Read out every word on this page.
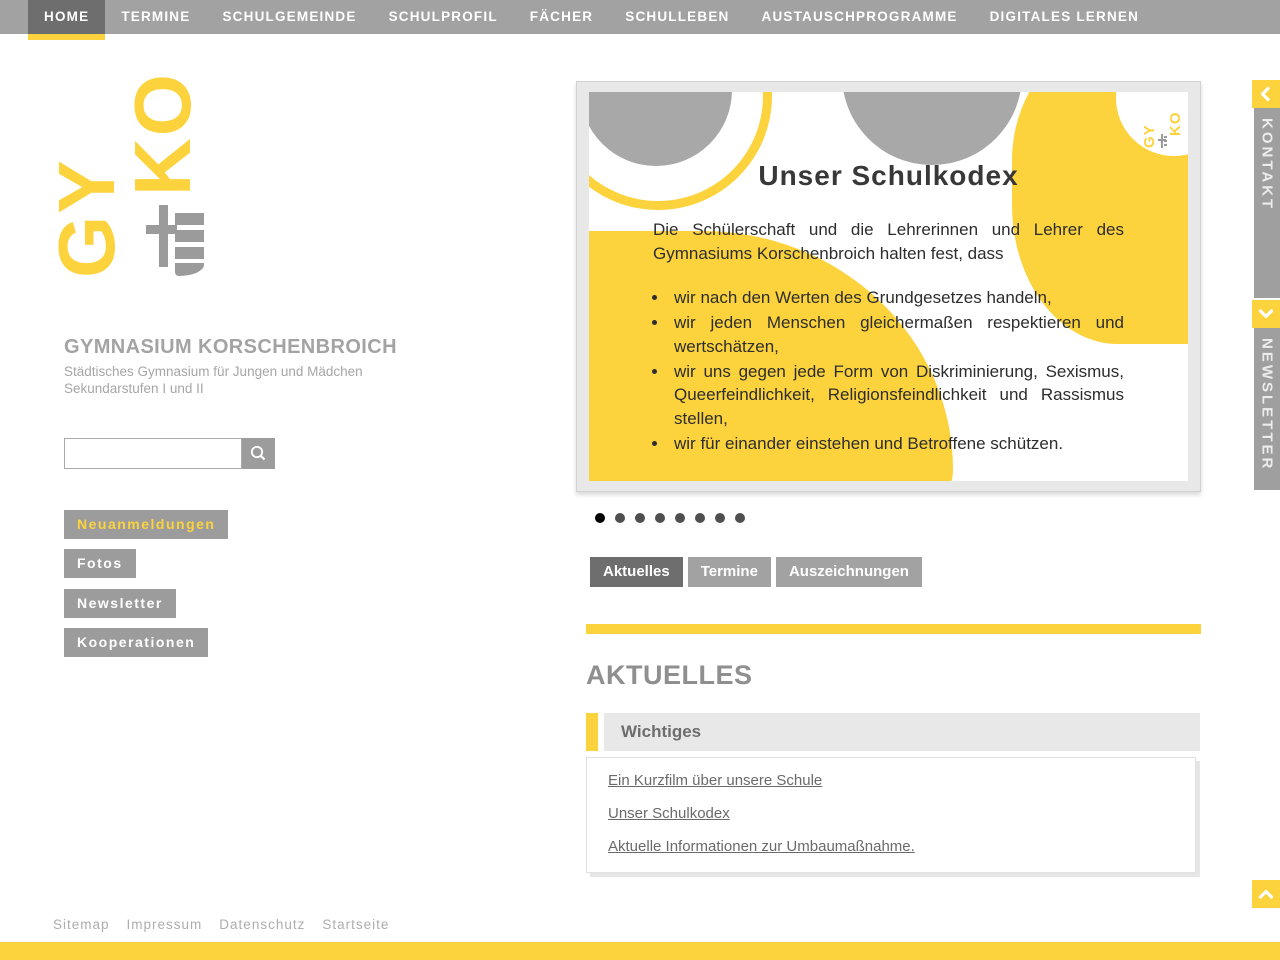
HOME	TERMINE	SCHULGEMEINDE	SCHULPROFIL	FÄCHER	SCHULLEBEN	AUSTAUSCHPROGRAMME	DIGITALES LERNEN
GY
KO
GYMNASIUM KORSCHENBROICH
Städtisches Gymnasium für Jungen und Mädchen
Sekundarstufen I und II
Neuanmeldungen
Fotos
Newsletter
Kooperationen
GY
KO
Unser Schulkodex

Die Schülerschaft und die Lehrerinnen und Lehrer des Gymnasiums Korschenbroich halten fest, dass

• wir nach den Werten des Grundgesetzes handeln,
• wir jeden Menschen gleichermaßen respektieren und wertschätzen,
• wir uns gegen jede Form von Diskriminierung, Sexismus, Queerfeindlichkeit, Religionsfeindlichkeit und Rassismus stellen,
• wir für einander einstehen und Betroffene schützen.
Aktuelles	Termine	Auszeichnungen
AKTUELLES
Wichtiges
Ein Kurzfilm über unsere Schule
Unser Schulkodex
Aktuelle Informationen zur Umbaumaßnahme.
KONTAKT
NEWSLETTER
Sitemap Impressum Datenschutz Startseite
